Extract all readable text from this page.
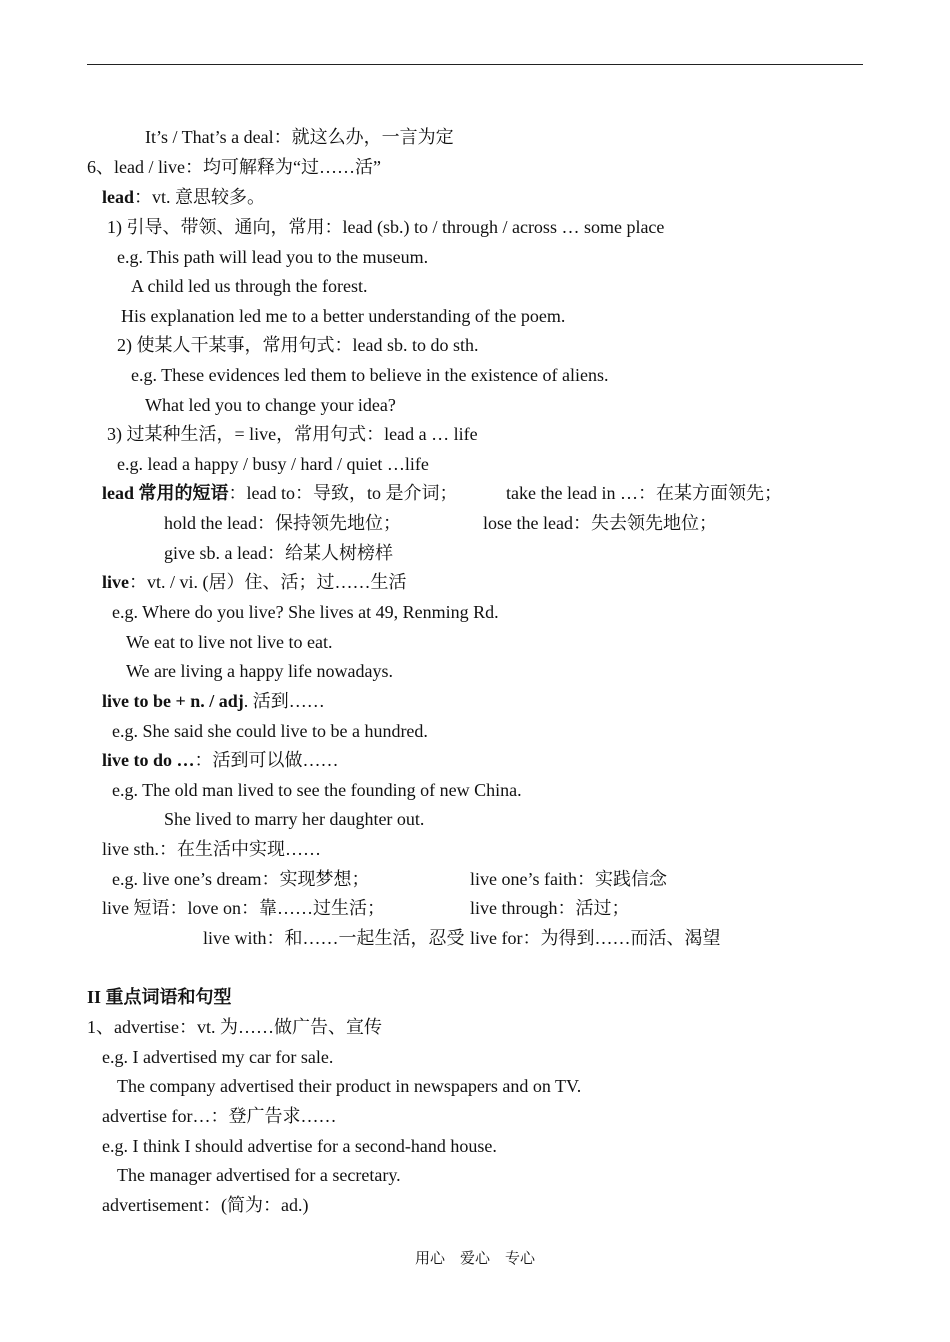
It’s / That’s a deal：就这么办，一言为定
6、lead / live：均可解释为“过……活”
lead：vt. 意思较多。
1) 引导、带领、通向，常用：lead (sb.) to / through / across … some place
e.g. This path will lead you to the museum.
A child led us through the forest.
His explanation led me to a better understanding of the poem.
2) 使某人干某事，常用句式：lead sb. to do sth.
e.g. These evidences led them to believe in the existence of aliens.
What led you to change your idea?
3) 过某种生活，= live，常用句式：lead a … life
e.g. lead a happy / busy / hard / quiet …life
lead 常用的短语：lead to：导致，to 是介词；	take the lead in …：在某方面领先；
hold the lead：保持领先地位；	lose the lead：失去领先地位；
give sb. a lead：给某人树榜样
live：vt. / vi. (居）住、活；过……生活
e.g. Where do you live? She lives at 49, Renming Rd.
We eat to live not live to eat.
We are living a happy life nowadays.
live to be + n. / adj. 活到……
e.g. She said she could live to be a hundred.
live to do …：活到可以做……
e.g. The old man lived to see the founding of new China.
She lived to marry her daughter out.
live sth.：在生活中实现……
e.g. live one’s dream：实现梦想；	live one’s faith：实践信念
live 短语：love on：靠……过生活；	live through：活过；
live with：和……一起生活，忍受 live for：为得到……而活、渴望
II 重点词语和句型
1、advertise：vt. 为……做广告、宣传
e.g. I advertised my car for sale.
The company advertised their product in newspapers and on TV.
advertise for…：登广告求……
e.g. I think I should advertise for a second-hand house.
The manager advertised for a secretary.
advertisement：(简为：ad.)
用心    爱心    专心
